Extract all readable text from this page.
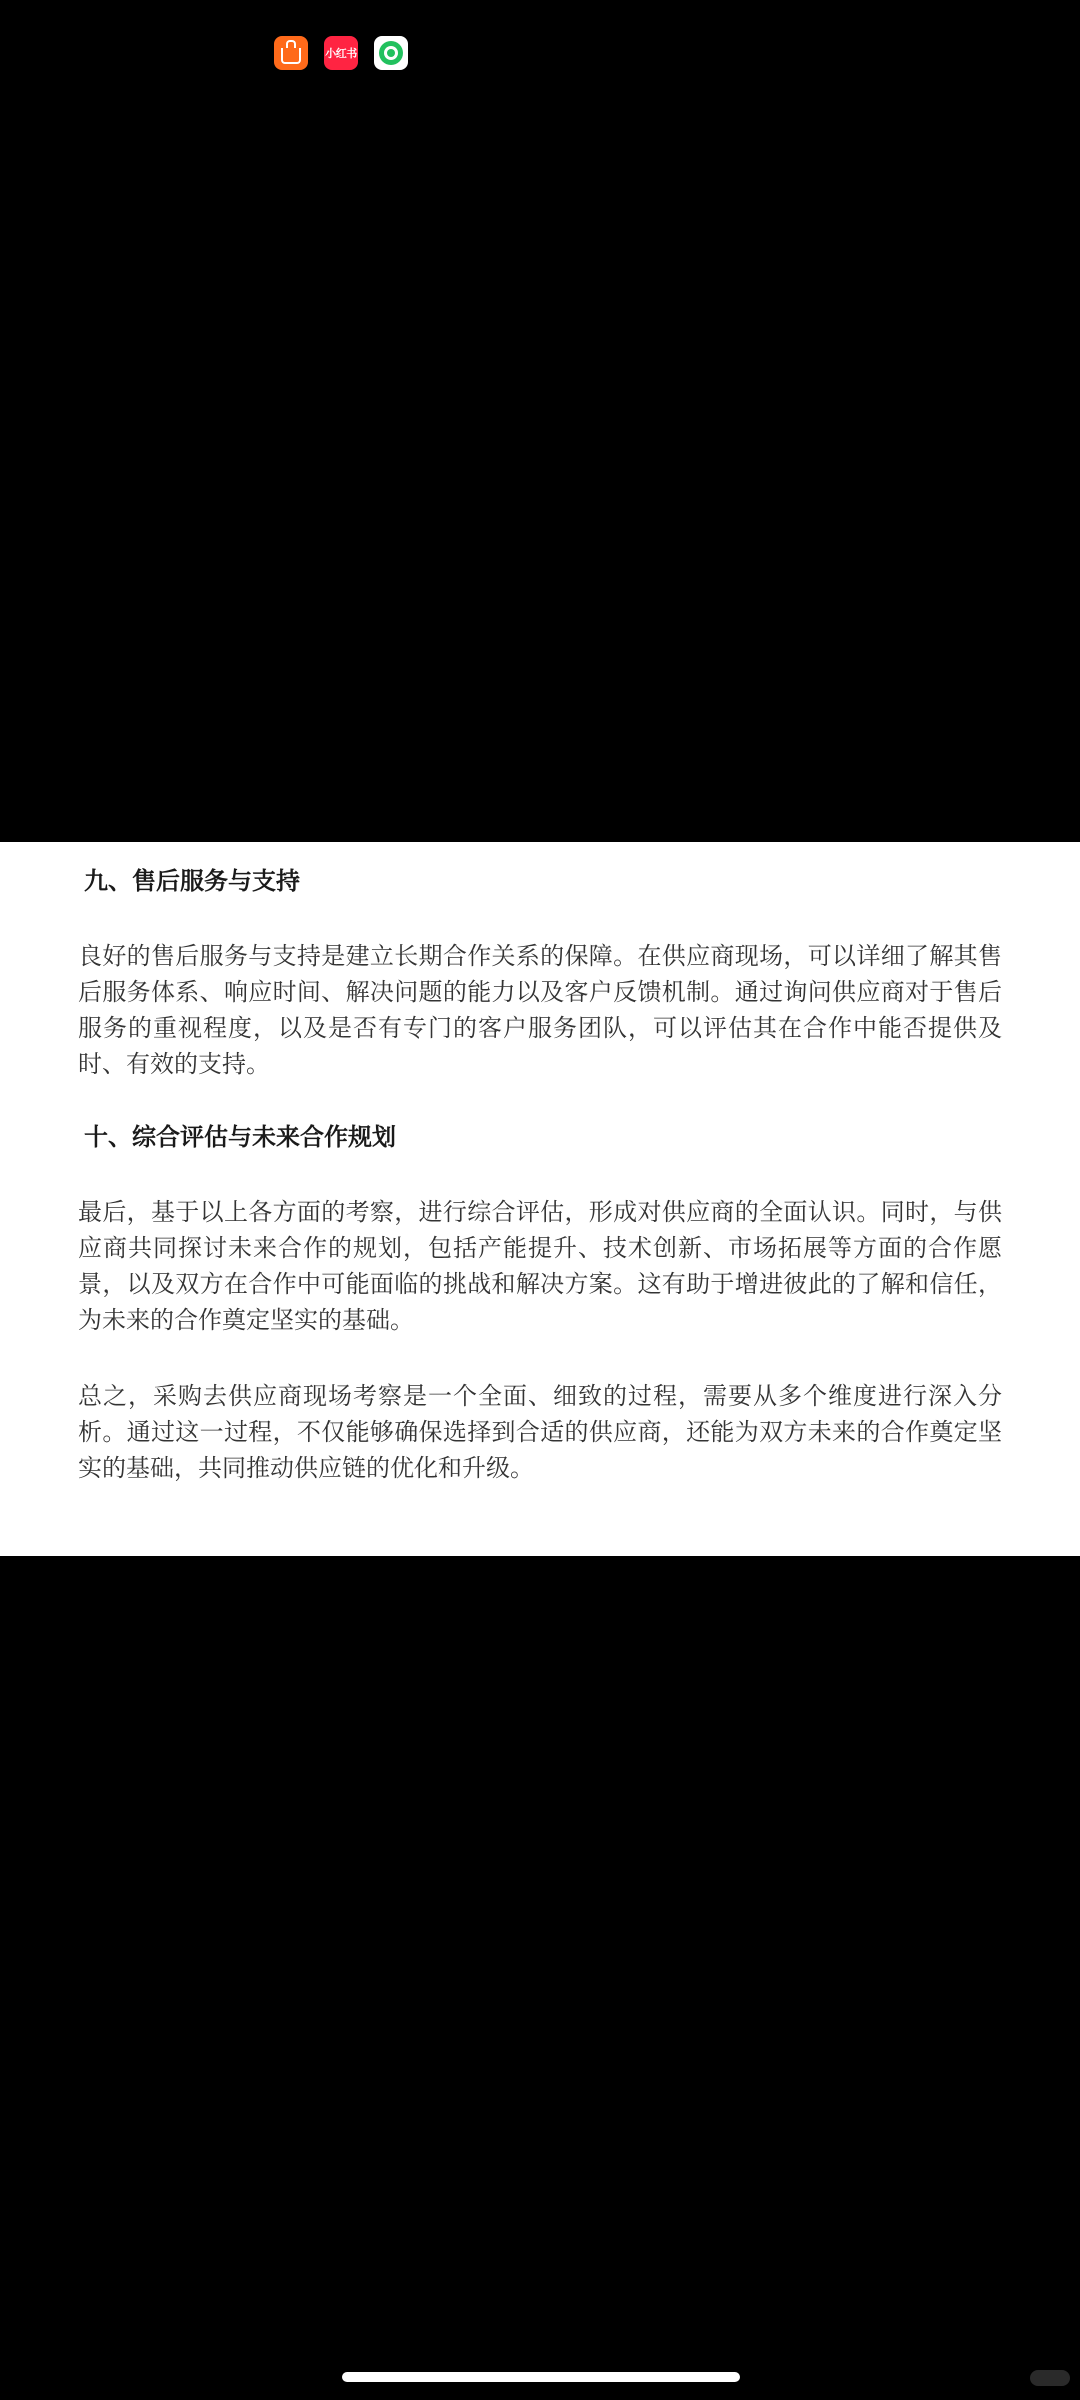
小红书

九、售后服务与支持

良好的售后服务与支持是建立长期合作关系的保障。在供应商现场，可以详细了解其售后服务体系、响应时间、解决问题的能力以及客户反馈机制。通过询问供应商对于售后服务的重视程度，以及是否有专门的客户服务团队，可以评估其在合作中能否提供及时、有效的支持。

十、综合评估与未来合作规划

最后，基于以上各方面的考察，进行综合评估，形成对供应商的全面认识。同时，与供应商共同探讨未来合作的规划，包括产能提升、技术创新、市场拓展等方面的合作愿景，以及双方在合作中可能面临的挑战和解决方案。这有助于增进彼此的了解和信任，为未来的合作奠定坚实的基础。

总之，采购去供应商现场考察是一个全面、细致的过程，需要从多个维度进行深入分析。通过这一过程，不仅能够确保选择到合适的供应商，还能为双方未来的合作奠定坚实的基础，共同推动供应链的优化和升级。
